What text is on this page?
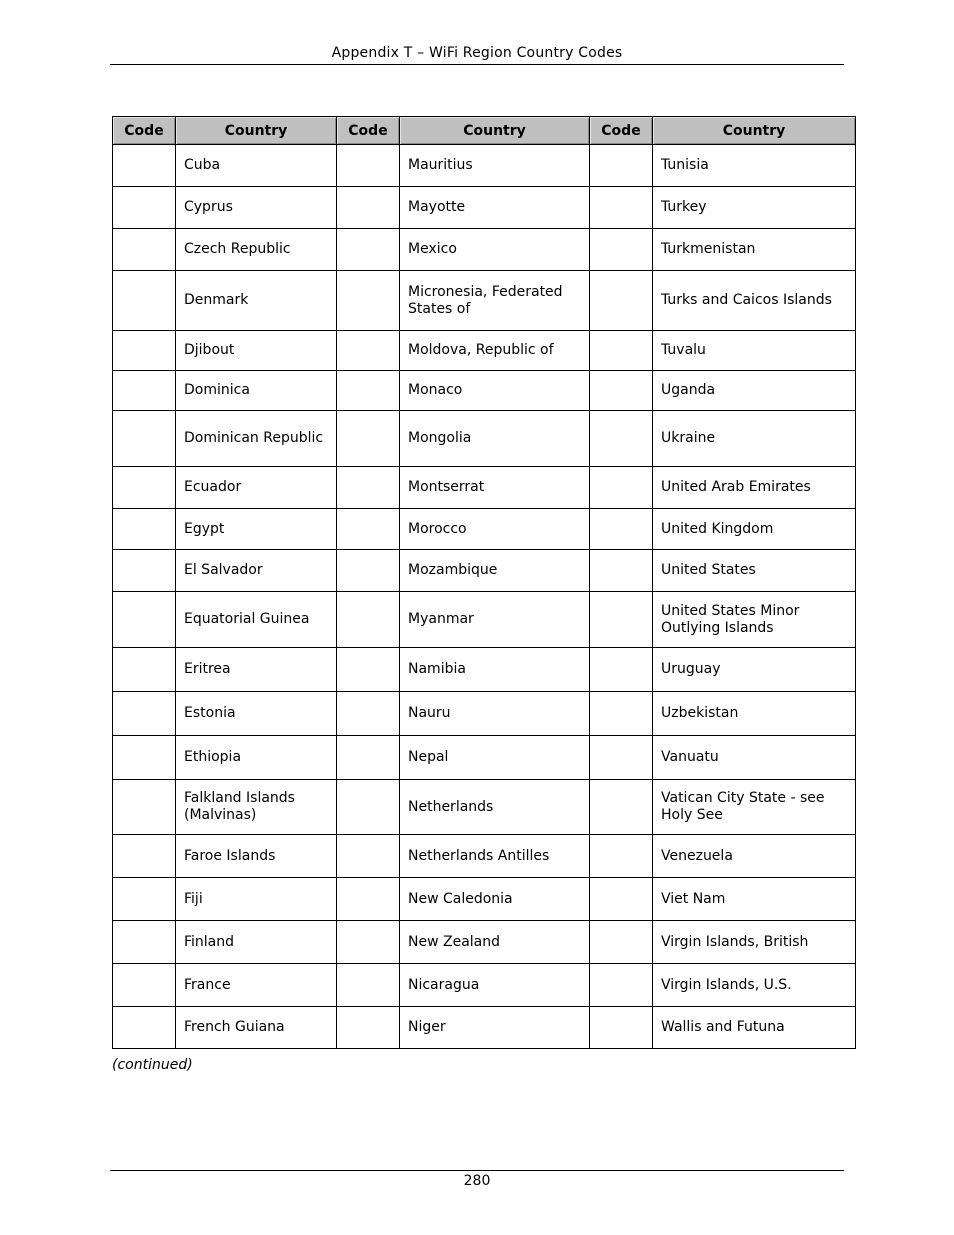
Appendix T – WiFi Region Country Codes
Code	Country	Code	Country	Code	Country
	Cuba		Mauritius		Tunisia
	Cyprus		Mayotte		Turkey
	Czech Republic		Mexico		Turkmenistan
	Denmark		Micronesia, Federated States of		Turks and Caicos Islands
	Djibout		Moldova, Republic of		Tuvalu
	Dominica		Monaco		Uganda
	Dominican Republic		Mongolia		Ukraine
	Ecuador		Montserrat		United Arab Emirates
	Egypt		Morocco		United Kingdom
	El Salvador		Mozambique		United States
	Equatorial Guinea		Myanmar		United States Minor Outlying Islands
	Eritrea		Namibia		Uruguay
	Estonia		Nauru		Uzbekistan
	Ethiopia		Nepal		Vanuatu
	Falkland Islands (Malvinas)		Netherlands		Vatican City State - see Holy See
	Faroe Islands		Netherlands Antilles		Venezuela
	Fiji		New Caledonia		Viet Nam
	Finland		New Zealand		Virgin Islands, British
	France		Nicaragua		Virgin Islands, U.S.
	French Guiana		Niger		Wallis and Futuna
(continued)
280
